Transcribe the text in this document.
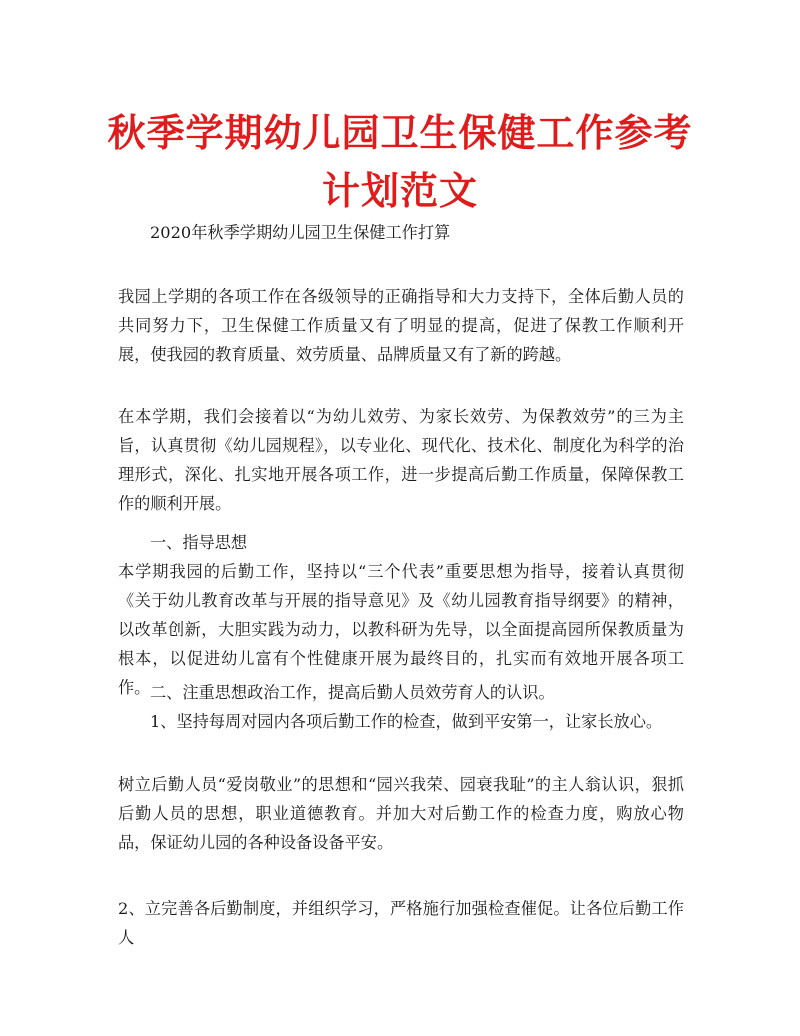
秋季学期幼儿园卫生保健工作参考计划范文

2020年秋季学期幼儿园卫生保健工作打算

我园上学期的各项工作在各级领导的正确指导和大力支持下，全体后勤人员的共同努力下，卫生保健工作质量又有了明显的提高，促进了保教工作顺利开展，使我园的教育质量、效劳质量、品牌质量又有了新的跨越。

在本学期，我们会接着以“为幼儿效劳、为家长效劳、为保教效劳”的三为主旨，认真贯彻《幼儿园规程》，以专业化、现代化、技术化、制度化为科学的治理形式，深化、扎实地开展各项工作，进一步提高后勤工作质量，保障保教工作的顺利开展。

一、指导思想

本学期我园的后勤工作，坚持以“三个代表”重要思想为指导，接着认真贯彻《关于幼儿教育改革与开展的指导意见》及《幼儿园教育指导纲要》的精神，以改革创新，大胆实践为动力，以教科研为先导，以全面提高园所保教质量为根本，以促进幼儿富有个性健康开展为最终目的，扎实而有效地开展各项工作。 二、注重思想政治工作，提高后勤人员效劳育人的认识。

1、坚持每周对园内各项后勤工作的检查，做到平安第一，让家长放心。

树立后勤人员“爱岗敬业”的思想和“园兴我荣、园衰我耻”的主人翁认识，狠抓后勤人员的思想，职业道德教育。并加大对后勤工作的检查力度，购放心物品，保证幼儿园的各种设备设备平安。

2、立完善各后勤制度，并组织学习，严格施行加强检查催促。让各位后勤工作人
